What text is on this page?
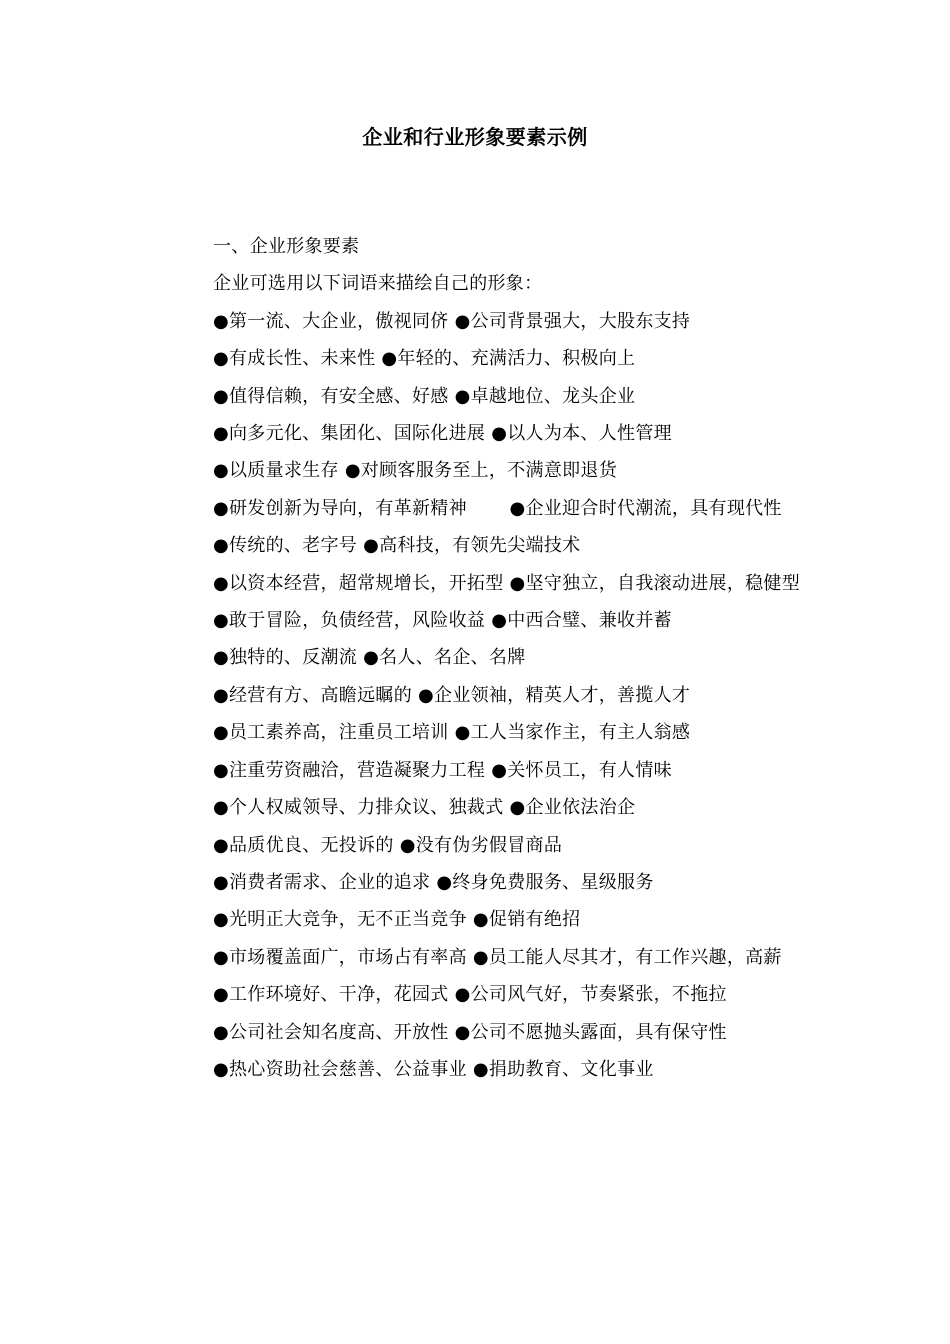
企业和行业形象要素示例

一、企业形象要素

企业可选用以下词语来描绘自己的形象：

●第一流、大企业，傲视同侪 ●公司背景强大，大股东支持

●有成长性、未来性 ●年轻的、充满活力、积极向上

●值得信赖，有安全感、好感 ●卓越地位、龙头企业

●向多元化、集团化、国际化进展 ●以人为本、人性管理

●以质量求生存 ●对顾客服务至上，不满意即退货

●研发创新为导向，有革新精神　　 ●企业迎合时代潮流，具有现代性

●传统的、老字号 ●高科技，有领先尖端技术

●以资本经营，超常规增长，开拓型 ●坚守独立，自我滚动进展，稳健型

●敢于冒险，负债经营，风险收益 ●中西合璧、兼收并蓄

●独特的、反潮流 ●名人、名企、名牌

●经营有方、高瞻远瞩的 ●企业领袖，精英人才，善揽人才

●员工素养高，注重员工培训 ●工人当家作主，有主人翁感

●注重劳资融洽，营造凝聚力工程 ●关怀员工，有人情味

●个人权威领导、力排众议、独裁式 ●企业依法治企

●品质优良、无投诉的 ●没有伪劣假冒商品

●消费者需求、企业的追求 ●终身免费服务、星级服务

●光明正大竞争，无不正当竞争 ●促销有绝招

●市场覆盖面广，市场占有率高 ●员工能人尽其才，有工作兴趣，高薪

●工作环境好、干净，花园式 ●公司风气好，节奏紧张，不拖拉

●公司社会知名度高、开放性 ●公司不愿抛头露面，具有保守性

●热心资助社会慈善、公益事业 ●捐助教育、文化事业
